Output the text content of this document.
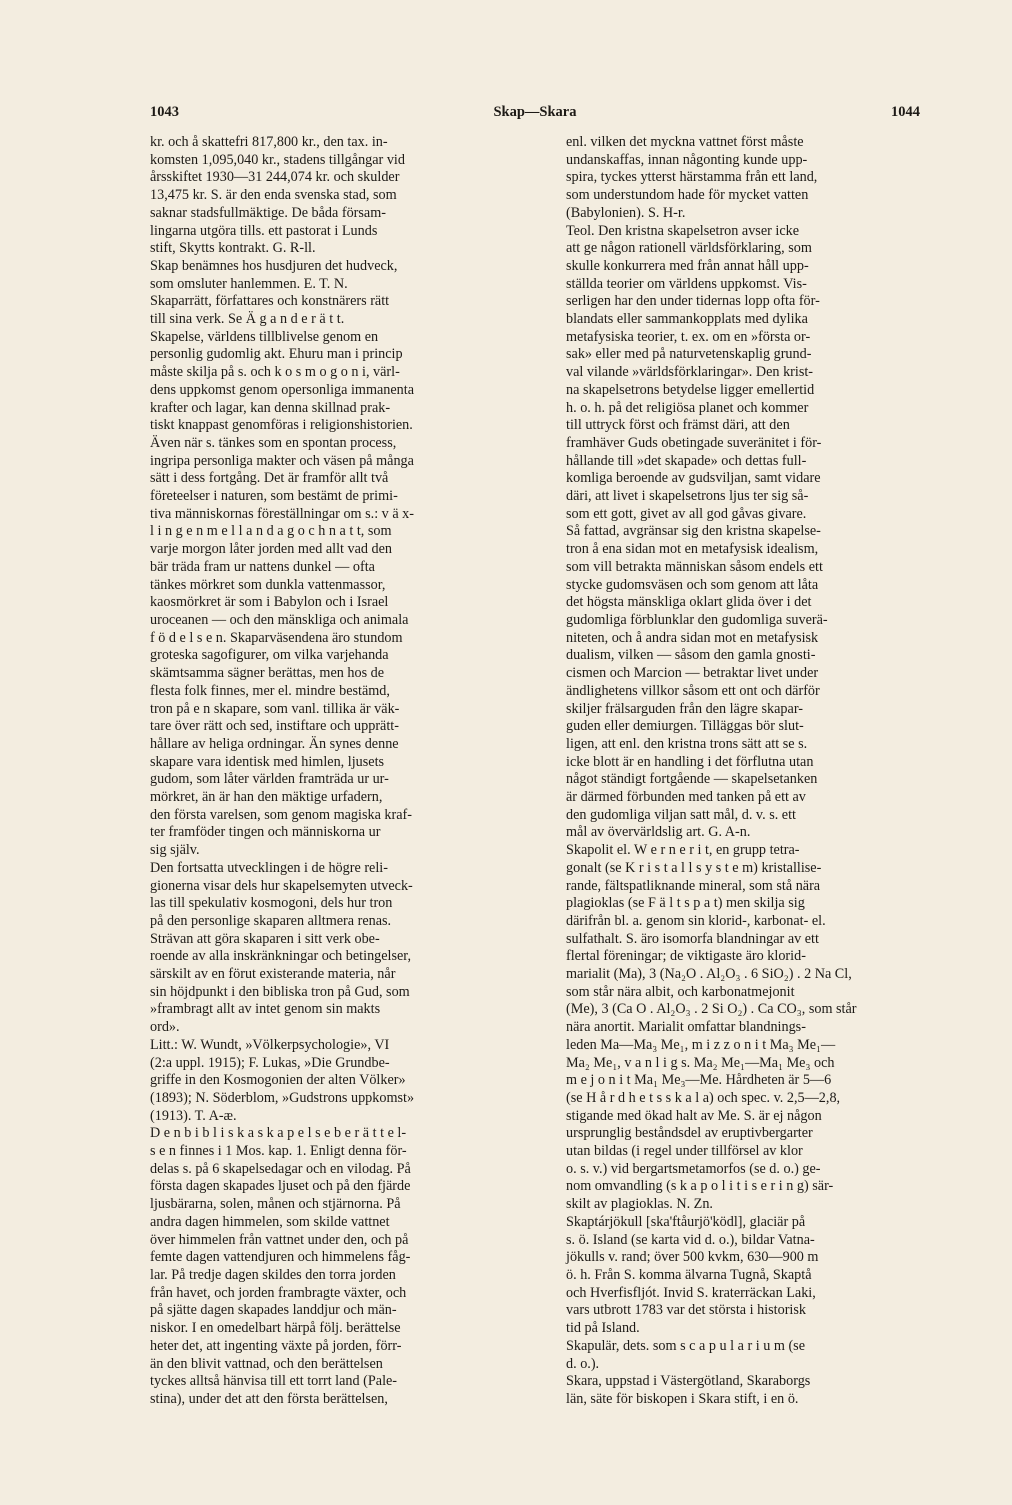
1043	Skap—Skara	1044
kr. och å skattefri 817,800 kr., den tax. in-
komsten 1,095,040 kr., stadens tillgångar vid
årsskiftet 1930—31 244,074 kr. och skulder
13,475 kr. S. är den enda svenska stad, som
saknar stadsfullmäktige. De båda försam-
lingarna utgöra tills. ett pastorat i Lunds
stift, Skytts kontrakt. G. R-ll.
Skap benämnes hos husdjuren det hudveck,
som omsluter hanlemmen. E. T. N.
Skaparrätt, författares och konstnärers rätt
till sina verk. Se Ä g a n d e r ä t t.
Skapelse, världens tillblivelse genom en
personlig gudomlig akt. Ehuru man i princip
måste skilja på s. och k o s m o g o n i, värl-
dens uppkomst genom opersonliga immanenta
krafter och lagar, kan denna skillnad prak-
tiskt knappast genomföras i religionshistorien.
Även när s. tänkes som en spontan process,
ingripa personliga makter och väsen på många
sätt i dess fortgång. Det är framför allt två
företeelser i naturen, som bestämt de primi-
tiva människornas föreställningar om s.: v ä x-
l i n g e n m e l l a n d a g o c h n a t t, som
varje morgon låter jorden med allt vad den
bär träda fram ur nattens dunkel — ofta
tänkes mörkret som dunkla vattenmassor,
kaosmörkret är som i Babylon och i Israel
uroceanen — och den mänskliga och animala
f ö d e l s e n. Skaparväsendena äro stundom
groteska sagofigurer, om vilka varjehanda
skämtsamma sägner berättas, men hos de
flesta folk finnes, mer el. mindre bestämd,
tron på e n skapare, som vanl. tillika är väk-
tare över rätt och sed, instiftare och upprätt-
hållare av heliga ordningar. Än synes denne
skapare vara identisk med himlen, ljusets
gudom, som låter världen framträda ur ur-
mörkret, än är han den mäktige urfadern,
den första varelsen, som genom magiska kraf-
ter framföder tingen och människorna ur
sig själv.
Den fortsatta utvecklingen i de högre reli-
gionerna visar dels hur skapelsemyten utveck-
las till spekulativ kosmogoni, dels hur tron
på den personlige skaparen alltmera renas.
Strävan att göra skaparen i sitt verk obe-
roende av alla inskränkningar och betingelser,
särskilt av en förut existerande materia, når
sin höjdpunkt i den bibliska tron på Gud, som
»frambragt allt av intet genom sin makts
ord».
Litt.: W. Wundt, »Völkerpsychologie», VI
(2:a uppl. 1915); F. Lukas, »Die Grundbe-
griffe in den Kosmogonien der alten Völker»
(1893); N. Söderblom, »Gudstrons uppkomst»
(1913). T. A-æ.
D e n b i b l i s k a s k a p e l s e b e r ä t t e l-
s e n finnes i 1 Mos. kap. 1. Enligt denna för-
delas s. på 6 skapelsedagar och en vilodag. På
första dagen skapades ljuset och på den fjärde
ljusbärarna, solen, månen och stjärnorna. På
andra dagen himmelen, som skilde vattnet
över himmelen från vattnet under den, och på
femte dagen vattendjuren och himmelens fåg-
lar. På tredje dagen skildes den torra jorden
från havet, och jorden frambragte växter, och
på sjätte dagen skapades landdjur och män-
niskor. I en omedelbart härpå följ. berättelse
heter det, att ingenting växte på jorden, förr-
än den blivit vattnad, och den berättelsen
tyckes alltså hänvisa till ett torrt land (Pale-
stina), under det att den första berättelsen,
enl. vilken det myckna vattnet först måste
undanskaffas, innan någonting kunde upp-
spira, tyckes ytterst härstamma från ett land,
som understundom hade för mycket vatten
(Babylonien). S. H-r.
Teol. Den kristna skapelsetron avser icke
att ge någon rationell världsförklaring, som
skulle konkurrera med från annat håll upp-
ställda teorier om världens uppkomst. Vis-
serligen har den under tidernas lopp ofta för-
blandats eller sammankopplats med dylika
metafysiska teorier, t. ex. om en »första or-
sak» eller med på naturvetenskaplig grund-
val vilande »världsförklaringar». Den krist-
na skapelsetrons betydelse ligger emellertid
h. o. h. på det religiösa planet och kommer
till uttryck först och främst däri, att den
framhäver Guds obetingade suveränitet i för-
hållande till »det skapade» och dettas full-
komliga beroende av gudsviljan, samt vidare
däri, att livet i skapelsetrons ljus ter sig så-
som ett gott, givet av all god gåvas givare.
Så fattad, avgränsar sig den kristna skapelse-
tron å ena sidan mot en metafysisk idealism,
som vill betrakta människan såsom endels ett
stycke gudomsväsen och som genom att låta
det högsta mänskliga oklart glida över i det
gudomliga förblunklar den gudomliga suverä-
niteten, och å andra sidan mot en metafysisk
dualism, vilken — såsom den gamla gnosti-
cismen och Marcion — betraktar livet under
ändlighetens villkor såsom ett ont och därför
skiljer frälsarguden från den lägre skapar-
guden eller demiurgen. Tilläggas bör slut-
ligen, att enl. den kristna trons sätt att se s.
icke blott är en handling i det förflutna utan
något ständigt fortgående — skapelsetanken
är därmed förbunden med tanken på ett av
den gudomliga viljan satt mål, d. v. s. ett
mål av övervärldslig art. G. A-n.
Skapolit el. W e r n e r i t, en grupp tetra-
gonalt (se K r i s t a l l s y s t e m) kristallise-
rande, fältspatliknande mineral, som stå nära
plagioklas (se F ä l t s p a t) men skilja sig
därifrån bl. a. genom sin klorid-, karbonat- el.
sulfathalt. S. äro isomorfa blandningar av ett
flertal föreningar; de viktigaste äro klorid-
marialit (Ma), 3 (Na₂O . Al₂O₃ . 6 SiO₂) . 2 Na Cl,
som står nära albit, och karbonatmejonit
(Me), 3 (Ca O . Al₂O₃ . 2 Si O₂) . Ca CO₃, som står
nära anortit. Marialit omfattar blandnings-
leden Ma—Ma₃ Me₁, m i z z o n i t Ma₃ Me₁—
Ma₂ Me₁, v a n l i g s. Ma₂ Me₁—Ma₁ Me₃ och
m e j o n i t Ma₁ Me₃—Me. Hårdheten är 5—6
(se H å r d h e t s s k a l a) och spec. v. 2,5—2,8,
stigande med ökad halt av Me. S. är ej någon
ursprunglig beståndsdel av eruptivbergarter
utan bildas (i regel under tillförsel av klor
o. s. v.) vid bergartsmetamorfos (se d. o.) ge-
nom omvandling (s k a p o l i t i s e r i n g) sär-
skilt av plagioklas. N. Zn.
Skaptárjökull [ska'ftåurjö'ködl], glaciär på
s. ö. Island (se karta vid d. o.), bildar Vatna-
jökulls v. rand; över 500 kvkm, 630—900 m
ö. h. Från S. komma älvarna Tugnå, Skaptå
och Hverfisfljót. Invid S. kraterräckan Laki,
vars utbrott 1783 var det största i historisk
tid på Island.
Skapulär, dets. som s c a p u l a r i u m (se
d. o.).
Skara, uppstad i Västergötland, Skaraborgs
län, säte för biskopen i Skara stift, i en ö.
